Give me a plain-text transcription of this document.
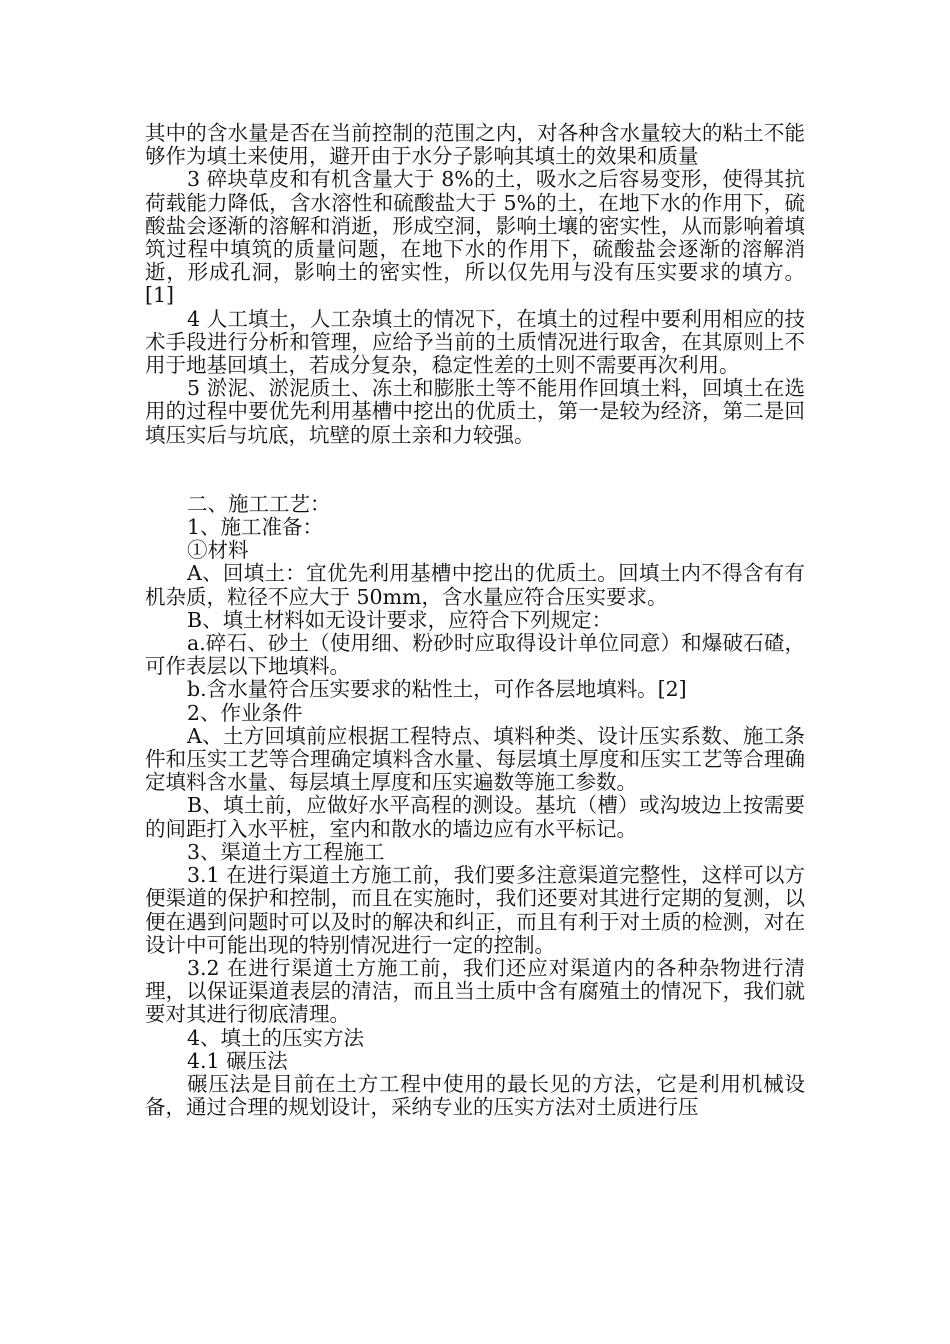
其中的含水量是否在当前控制的范围之内，对各种含水量较大的粘土不能够作为填土来使用，避开由于水分子影响其填土的效果和质量

3 碎块草皮和有机含量大于 8%的土，吸水之后容易变形，使得其抗荷载能力降低，含水溶性和硫酸盐大于 5%的土，在地下水的作用下，硫酸盐会逐渐的溶解和消逝，形成空洞，影响土壤的密实性，从而影响着填筑过程中填筑的质量问题，在地下水的作用下，硫酸盐会逐渐的溶解消逝，形成孔洞，影响土的密实性，所以仅先用与没有压实要求的填方。[1]

4 人工填土，人工杂填土的情况下，在填土的过程中要利用相应的技术手段进行分析和管理，应给予当前的土质情况进行取舍，在其原则上不用于地基回填土，若成分复杂，稳定性差的土则不需要再次利用。

5 淤泥、淤泥质土、冻土和膨胀土等不能用作回填土料，回填土在选用的过程中要优先利用基槽中挖出的优质土，第一是较为经济，第二是回填压实后与坑底，坑壁的原土亲和力较强。

二、施工工艺：

1、施工准备：

①材料

A、回填土：宜优先利用基槽中挖出的优质土。回填土内不得含有有机杂质，粒径不应大于 50mm，含水量应符合压实要求。

B、填土材料如无设计要求，应符合下列规定：

a.碎石、砂土（使用细、粉砂时应取得设计单位同意）和爆破石碴，可作表层以下地填料。

b.含水量符合压实要求的粘性土，可作各层地填料。[2]

2、作业条件

A、土方回填前应根据工程特点、填料种类、设计压实系数、施工条件和压实工艺等合理确定填料含水量、每层填土厚度和压实工艺等合理确定填料含水量、每层填土厚度和压实遍数等施工参数。

B、填土前，应做好水平高程的测设。基坑（槽）或沟坡边上按需要的间距打入水平桩，室内和散水的墙边应有水平标记。

3、渠道土方工程施工

3.1 在进行渠道土方施工前，我们要多注意渠道完整性，这样可以方便渠道的保护和控制，而且在实施时，我们还要对其进行定期的复测，以便在遇到问题时可以及时的解决和纠正，而且有利于对土质的检测，对在设计中可能出现的特别情况进行一定的控制。

3.2 在进行渠道土方施工前，我们还应对渠道内的各种杂物进行清理，以保证渠道表层的清洁，而且当土质中含有腐殖土的情况下，我们就要对其进行彻底清理。

4、填土的压实方法

4.1 碾压法

碾压法是目前在土方工程中使用的最长见的方法，它是利用机械设备，通过合理的规划设计，采纳专业的压实方法对土质进行压
